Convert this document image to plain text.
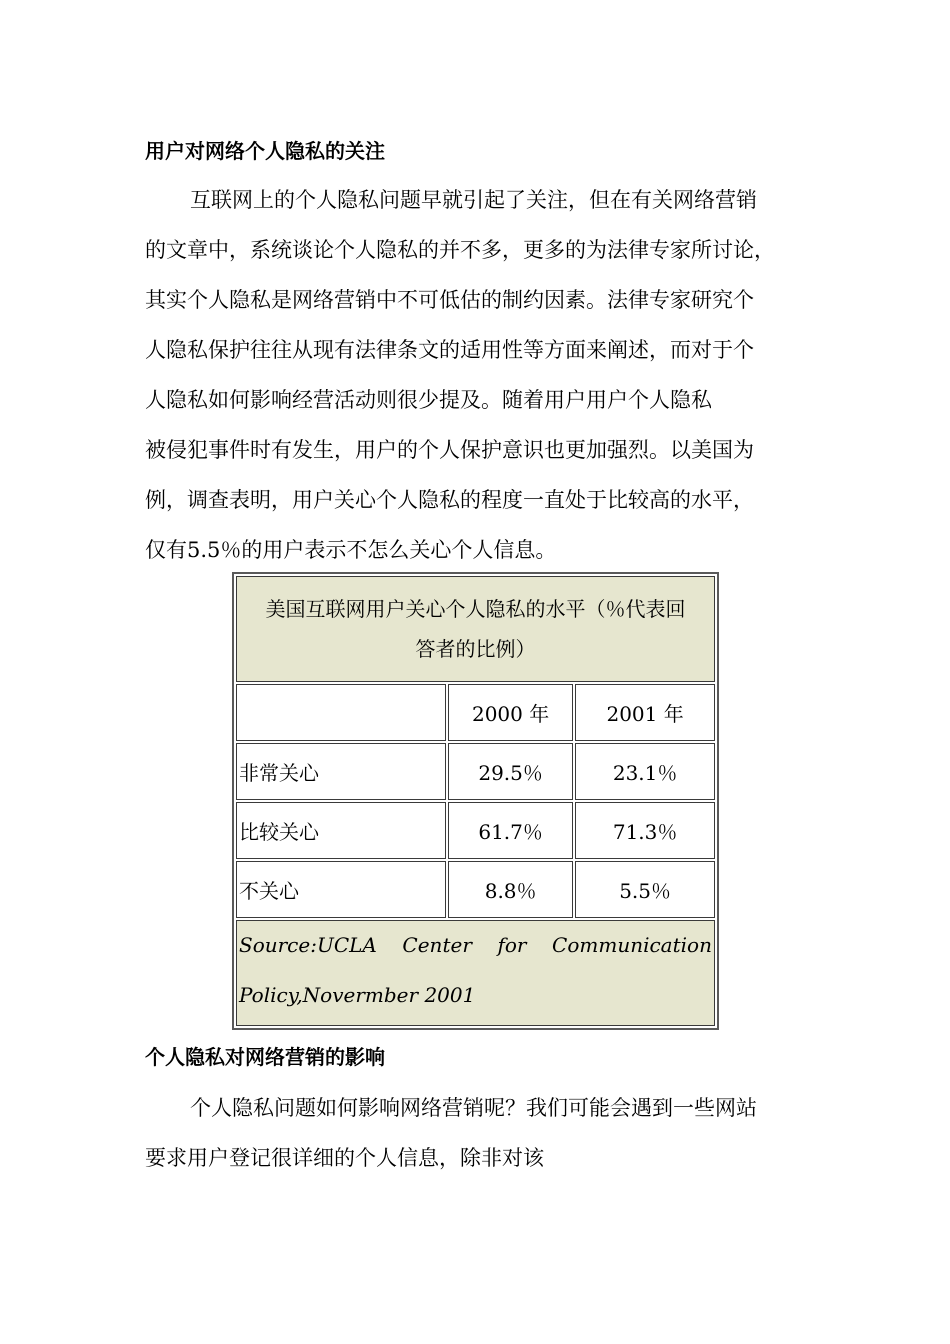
用户对网络个人隐私的关注
互联网上的个人隐私问题早就引起了关注，但在有关网络营销
的文章中，系统谈论个人隐私的并不多，更多的为法律专家所讨论，
其实个人隐私是网络营销中不可低估的制约因素。法律专家研究个
人隐私保护往往从现有法律条文的适用性等方面来阐述，而对于个
人隐私如何影响经营活动则很少提及。随着用户用户个人隐私
被侵犯事件时有发生，用户的个人保护意识也更加强烈。以美国为
例，调查表明，用户关心个人隐私的程度一直处于比较高的水平，
仅有5.5％的用户表示不怎么关心个人信息。
美国互联网用户关心个人隐私的水平（％代表回
答者的比例）		

	2000 年	2001 年
非常关心	29.5％	23.1％
比较关心	61.7％	71.3％
不关心	8.8％	5.5％

Source:UCLA Center for Communication
Policy,Novermber 2001		
个人隐私对网络营销的影响
个人隐私问题如何影响网络营销呢？我们可能会遇到一些网站
要求用户登记很详细的个人信息，除非对该
